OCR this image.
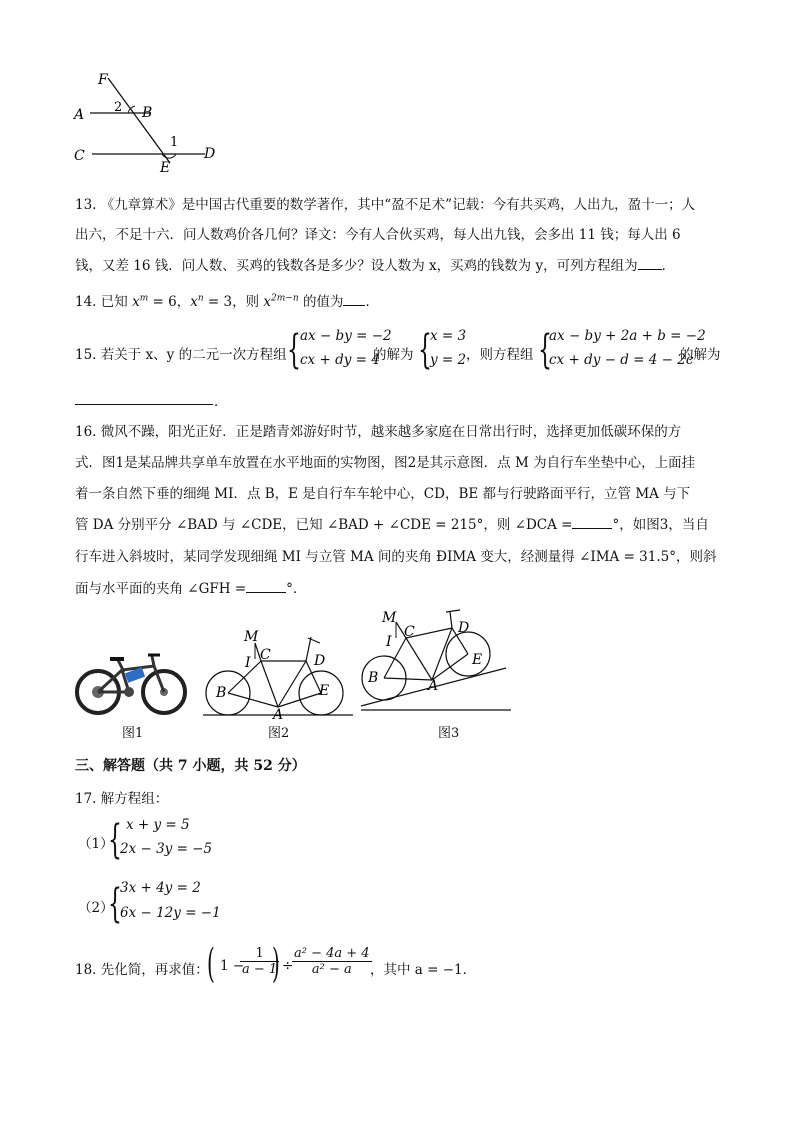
F
A	B
2
1
C
E
D
13. 《九章算术》是中国古代重要的数学著作，其中“盈不足术”记载：今有共买鸡，人出九，盈十一；人
出六，不足十六．问人数鸡价各几何？译文：今有人合伙买鸡，每人出九钱，会多出 11 钱；每人出 6
钱，又差 16 钱．问人数、买鸡的钱数各是多少？设人数为 x，买鸡的钱数为 y，可列方程组为 ．
14. 已知 $x^m = 6$，$x^n = 3$，则 $x^{2m-n}$ 的值为 ．
15. 若关于 x、y 的二元一次方程组 { ax − by = −2
cx + dy = 4
的解为 {
x = 3
y = 2 ，则方程组 {
ax − by + 2a + b = −2
cx + dy − d = 4 − 2c
的解为
．
16. 微风不躁，阳光正好．正是踏青郊游好时节，越来越多家庭在日常出行时，选择更加低碳环保的方
式．图1是某品牌共享单车放置在水平地面的实物图，图2是其示意图．点 M 为自行车坐垫中心，上面挂
着一条自然下垂的细绳 MI．点 B，E 是自行车车轮中心，CD，BE 都与行驶路面平行，立管 MA 与下
管 DA 分别平分 ∠BAD 与 ∠CDE，已知 ∠BAD + ∠CDE = 215°，则 ∠DCA =	°，如图3，当自
行车进入斜坡时，某同学发现细绳 MI 与立管 MA 间的夹角 ÐIMA 变大，经测量得 ∠IMA = 31.5°，则斜
面与水平面的夹角 ∠GFH =	°．
M
I C	D
B	E
A
M
I
C	D
B
E
A
图1	图2	图3
三、解答题（共 7 小题，共 52 分）
17. 解方程组：
（1）
{ x + y = 5
2x − 3y = −5
（2）
{
3x + 4y = 2
6x − 12y = −1
18. 先化简，再求值：
( 1 −
$\frac{1}{a - 1}$
) ÷
$\frac{\text{a² − 4a + 4}}{\text{a² − a}}$
，其中 a = −1．
